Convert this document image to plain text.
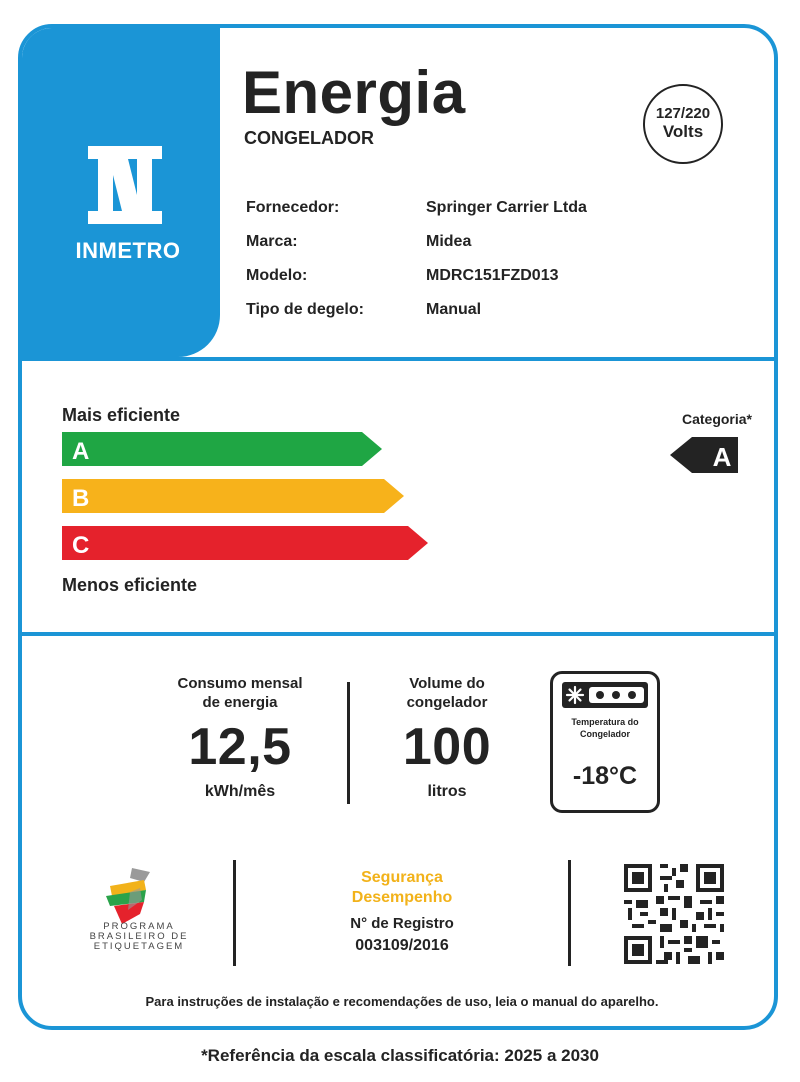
INMETRO
Energia
CONGELADOR
127/220
Volts
Fornecedor:	Springer Carrier Ltda
Marca:	Midea
Modelo:	MDRC151FZD013
Tipo de degelo:	Manual
Mais eficiente
A
B
C
Menos eficiente
Categoria*
A
Consumo mensal
de energia
12,5
kWh/mês
Volume do
congelador
100
litros
Temperatura do
Congelador
-18°C
PROGRAMA
BRASILEIRO DE
ETIQUETAGEM
Segurança
Desempenho
N° de Registro
003109/2016
Para instruções de instalação e recomendações de uso, leia o manual do aparelho.
*Referência da escala classificatória: 2025 a 2030
